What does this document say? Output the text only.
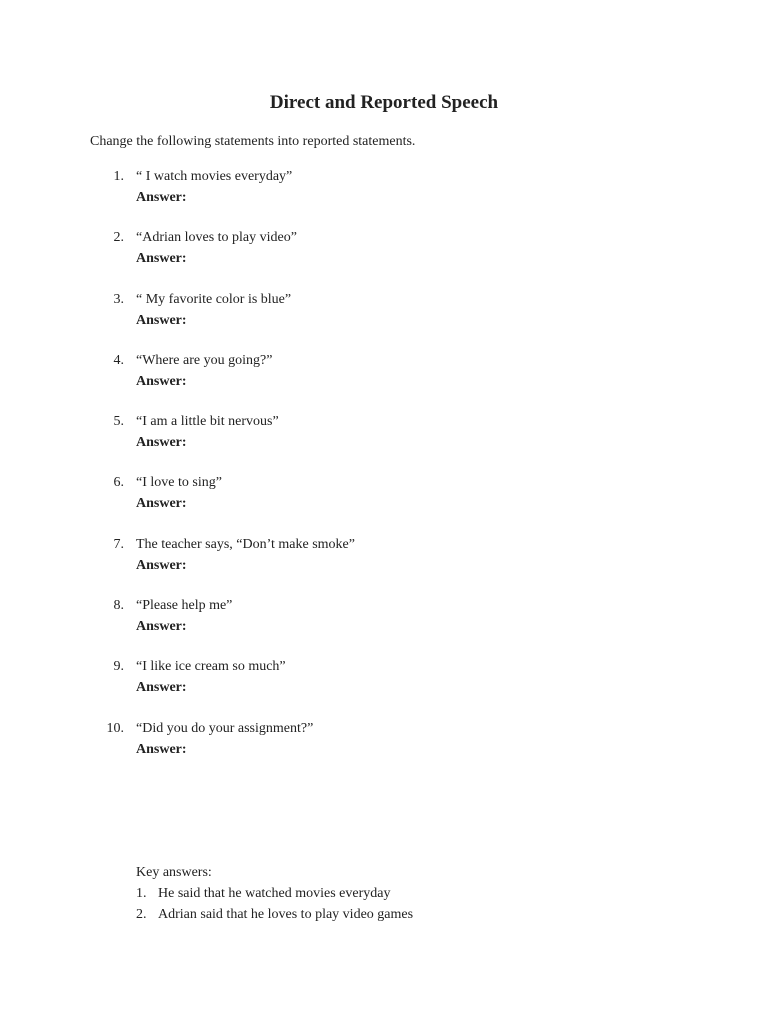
Direct and Reported Speech
Change the following statements into reported statements.
1. “ I watch movies everyday”
Answer:
2. “Adrian loves to play video”
Answer:
3. “ My favorite color is blue”
Answer:
4. “Where are you going?”
Answer:
5. “I am a little bit nervous”
Answer:
6. “I love to sing”
Answer:
7. The teacher says, “Don’t make smoke”
Answer:
8. “Please help me”
Answer:
9. “I like ice cream so much”
Answer:
10. “Did you do your assignment?”
Answer:
Key answers:
1. He said that he watched movies everyday
2. Adrian said that he loves to play video games
